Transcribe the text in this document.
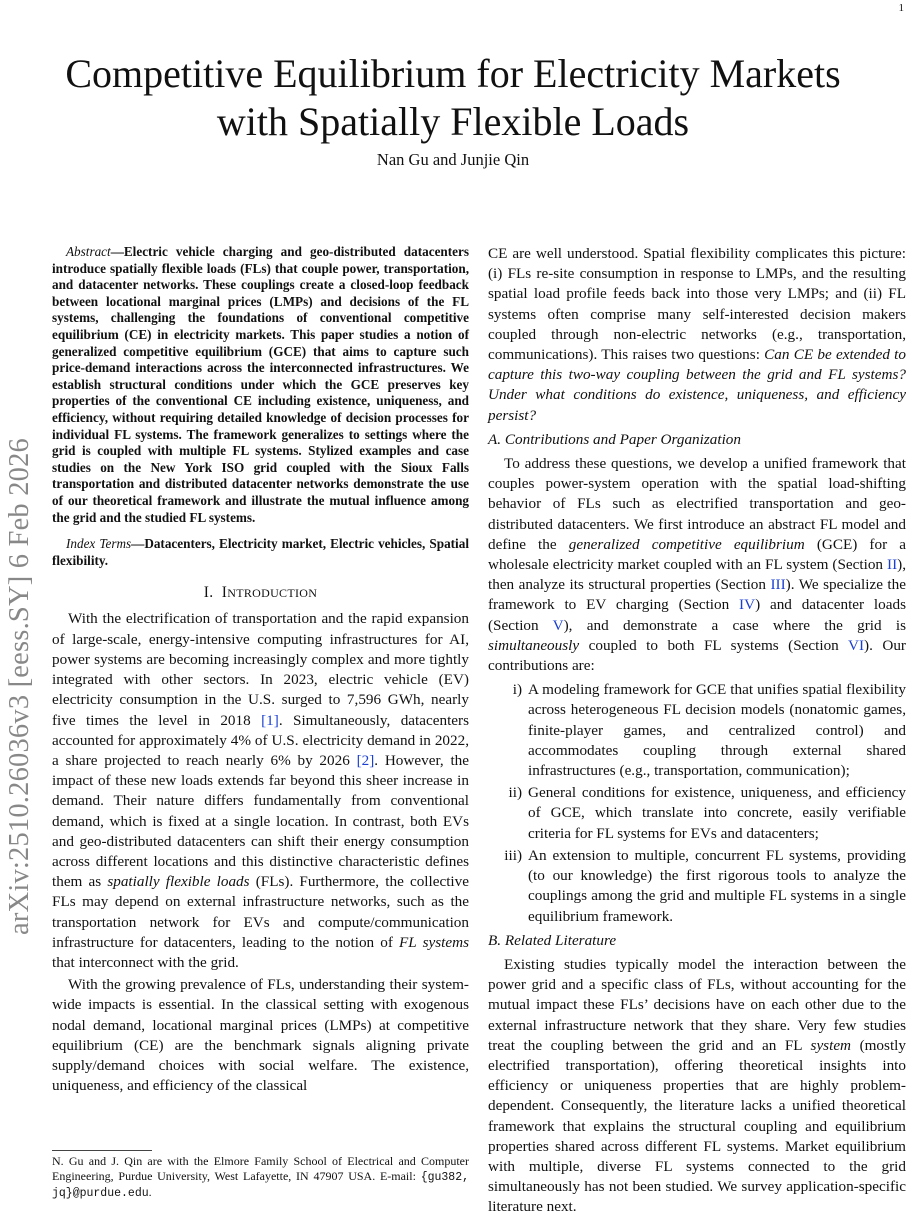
1
arXiv:2510.26036v3 [eess.SY] 6 Feb 2026
Competitive Equilibrium for Electricity Markets
with Spatially Flexible Loads
Nan Gu and Junjie Qin

Abstract—Electric vehicle charging and geo-distributed datacenters introduce spatially flexible loads (FLs) that couple power, transportation, and datacenter networks. These couplings create a closed-loop feedback between locational marginal prices (LMPs) and decisions of the FL systems, challenging the foundations of conventional competitive equilibrium (CE) in electricity markets. This paper studies a notion of generalized competitive equilibrium (GCE) that aims to capture such price-demand interactions across the interconnected infrastructures. We establish structural conditions under which the GCE preserves key properties of the conventional CE including existence, uniqueness, and efficiency, without requiring detailed knowledge of decision processes for individual FL systems. The framework generalizes to settings where the grid is coupled with multiple FL systems. Stylized examples and case studies on the New York ISO grid coupled with the Sioux Falls transportation and distributed datacenter networks demonstrate the use of our theoretical framework and illustrate the mutual influence among the grid and the studied FL systems.

Index Terms—Datacenters, Electricity market, Electric vehicles, Spatial flexibility.

I. INTRODUCTION

With the electrification of transportation and the rapid expansion of large-scale, energy-intensive computing infrastructures for AI, power systems are becoming increasingly complex and more tightly integrated with other sectors. In 2023, electric vehicle (EV) electricity consumption in the U.S. surged to 7,596 GWh, nearly five times the level in 2018 [1]. Simultaneously, datacenters accounted for approximately 4% of U.S. electricity demand in 2022, a share projected to reach nearly 6% by 2026 [2]. However, the impact of these new loads extends far beyond this sheer increase in demand. Their nature differs fundamentally from conventional demand, which is fixed at a single location. In contrast, both EVs and geo-distributed datacenters can shift their energy consumption across different locations and this distinctive characteristic defines them as spatially flexible loads (FLs). Furthermore, the collective FLs may depend on external infrastructure networks, such as the transportation network for EVs and compute/communication infrastructure for datacenters, leading to the notion of FL systems that interconnect with the grid.

With the growing prevalence of FLs, understanding their system-wide impacts is essential. In the classical setting with exogenous nodal demand, locational marginal prices (LMPs) at competitive equilibrium (CE) are the benchmark signals aligning private supply/demand choices with social welfare. The existence, uniqueness, and efficiency of the classical

CE are well understood. Spatial flexibility complicates this picture: (i) FLs re-site consumption in response to LMPs, and the resulting spatial load profile feeds back into those very LMPs; and (ii) FL systems often comprise many self-interested decision makers coupled through non-electric networks (e.g., transportation, communications). This raises two questions: Can CE be extended to capture this two-way coupling between the grid and FL systems? Under what conditions do existence, uniqueness, and efficiency persist?

A. Contributions and Paper Organization

To address these questions, we develop a unified framework that couples power-system operation with the spatial load-shifting behavior of FLs such as electrified transportation and geo-distributed datacenters. We first introduce an abstract FL model and define the generalized competitive equilibrium (GCE) for a wholesale electricity market coupled with an FL system (Section II), then analyze its structural properties (Section III). We specialize the framework to EV charging (Section IV) and datacenter loads (Section V), and demonstrate a case where the grid is simultaneously coupled to both FL systems (Section VI). Our contributions are:

i) A modeling framework for GCE that unifies spatial flexibility across heterogeneous FL decision models (nonatomic games, finite-player games, and centralized control) and accommodates coupling through external shared infrastructures (e.g., transportation, communication);
ii) General conditions for existence, uniqueness, and efficiency of GCE, which translate into concrete, easily verifiable criteria for FL systems for EVs and datacenters;
iii) An extension to multiple, concurrent FL systems, providing (to our knowledge) the first rigorous tools to analyze the couplings among the grid and multiple FL systems in a single equilibrium framework.
B. Related Literature

Existing studies typically model the interaction between the power grid and a specific class of FLs, without accounting for the mutual impact these FLs’ decisions have on each other due to the external infrastructure network that they share. Very few studies treat the coupling between the grid and an FL system (mostly electrified transportation), offering theoretical insights into efficiency or uniqueness properties that are highly problem-dependent. Consequently, the literature lacks a unified theoretical framework that explains the structural coupling and equilibrium properties shared across different FL systems. Market equilibrium with multiple, diverse FL systems connected to the grid simultaneously has not been studied. We survey application-specific literature next.

N. Gu and J. Qin are with the Elmore Family School of Electrical and Computer Engineering, Purdue University, West Lafayette, IN 47907 USA. E-mail: {gu382, jq}@purdue.edu.
